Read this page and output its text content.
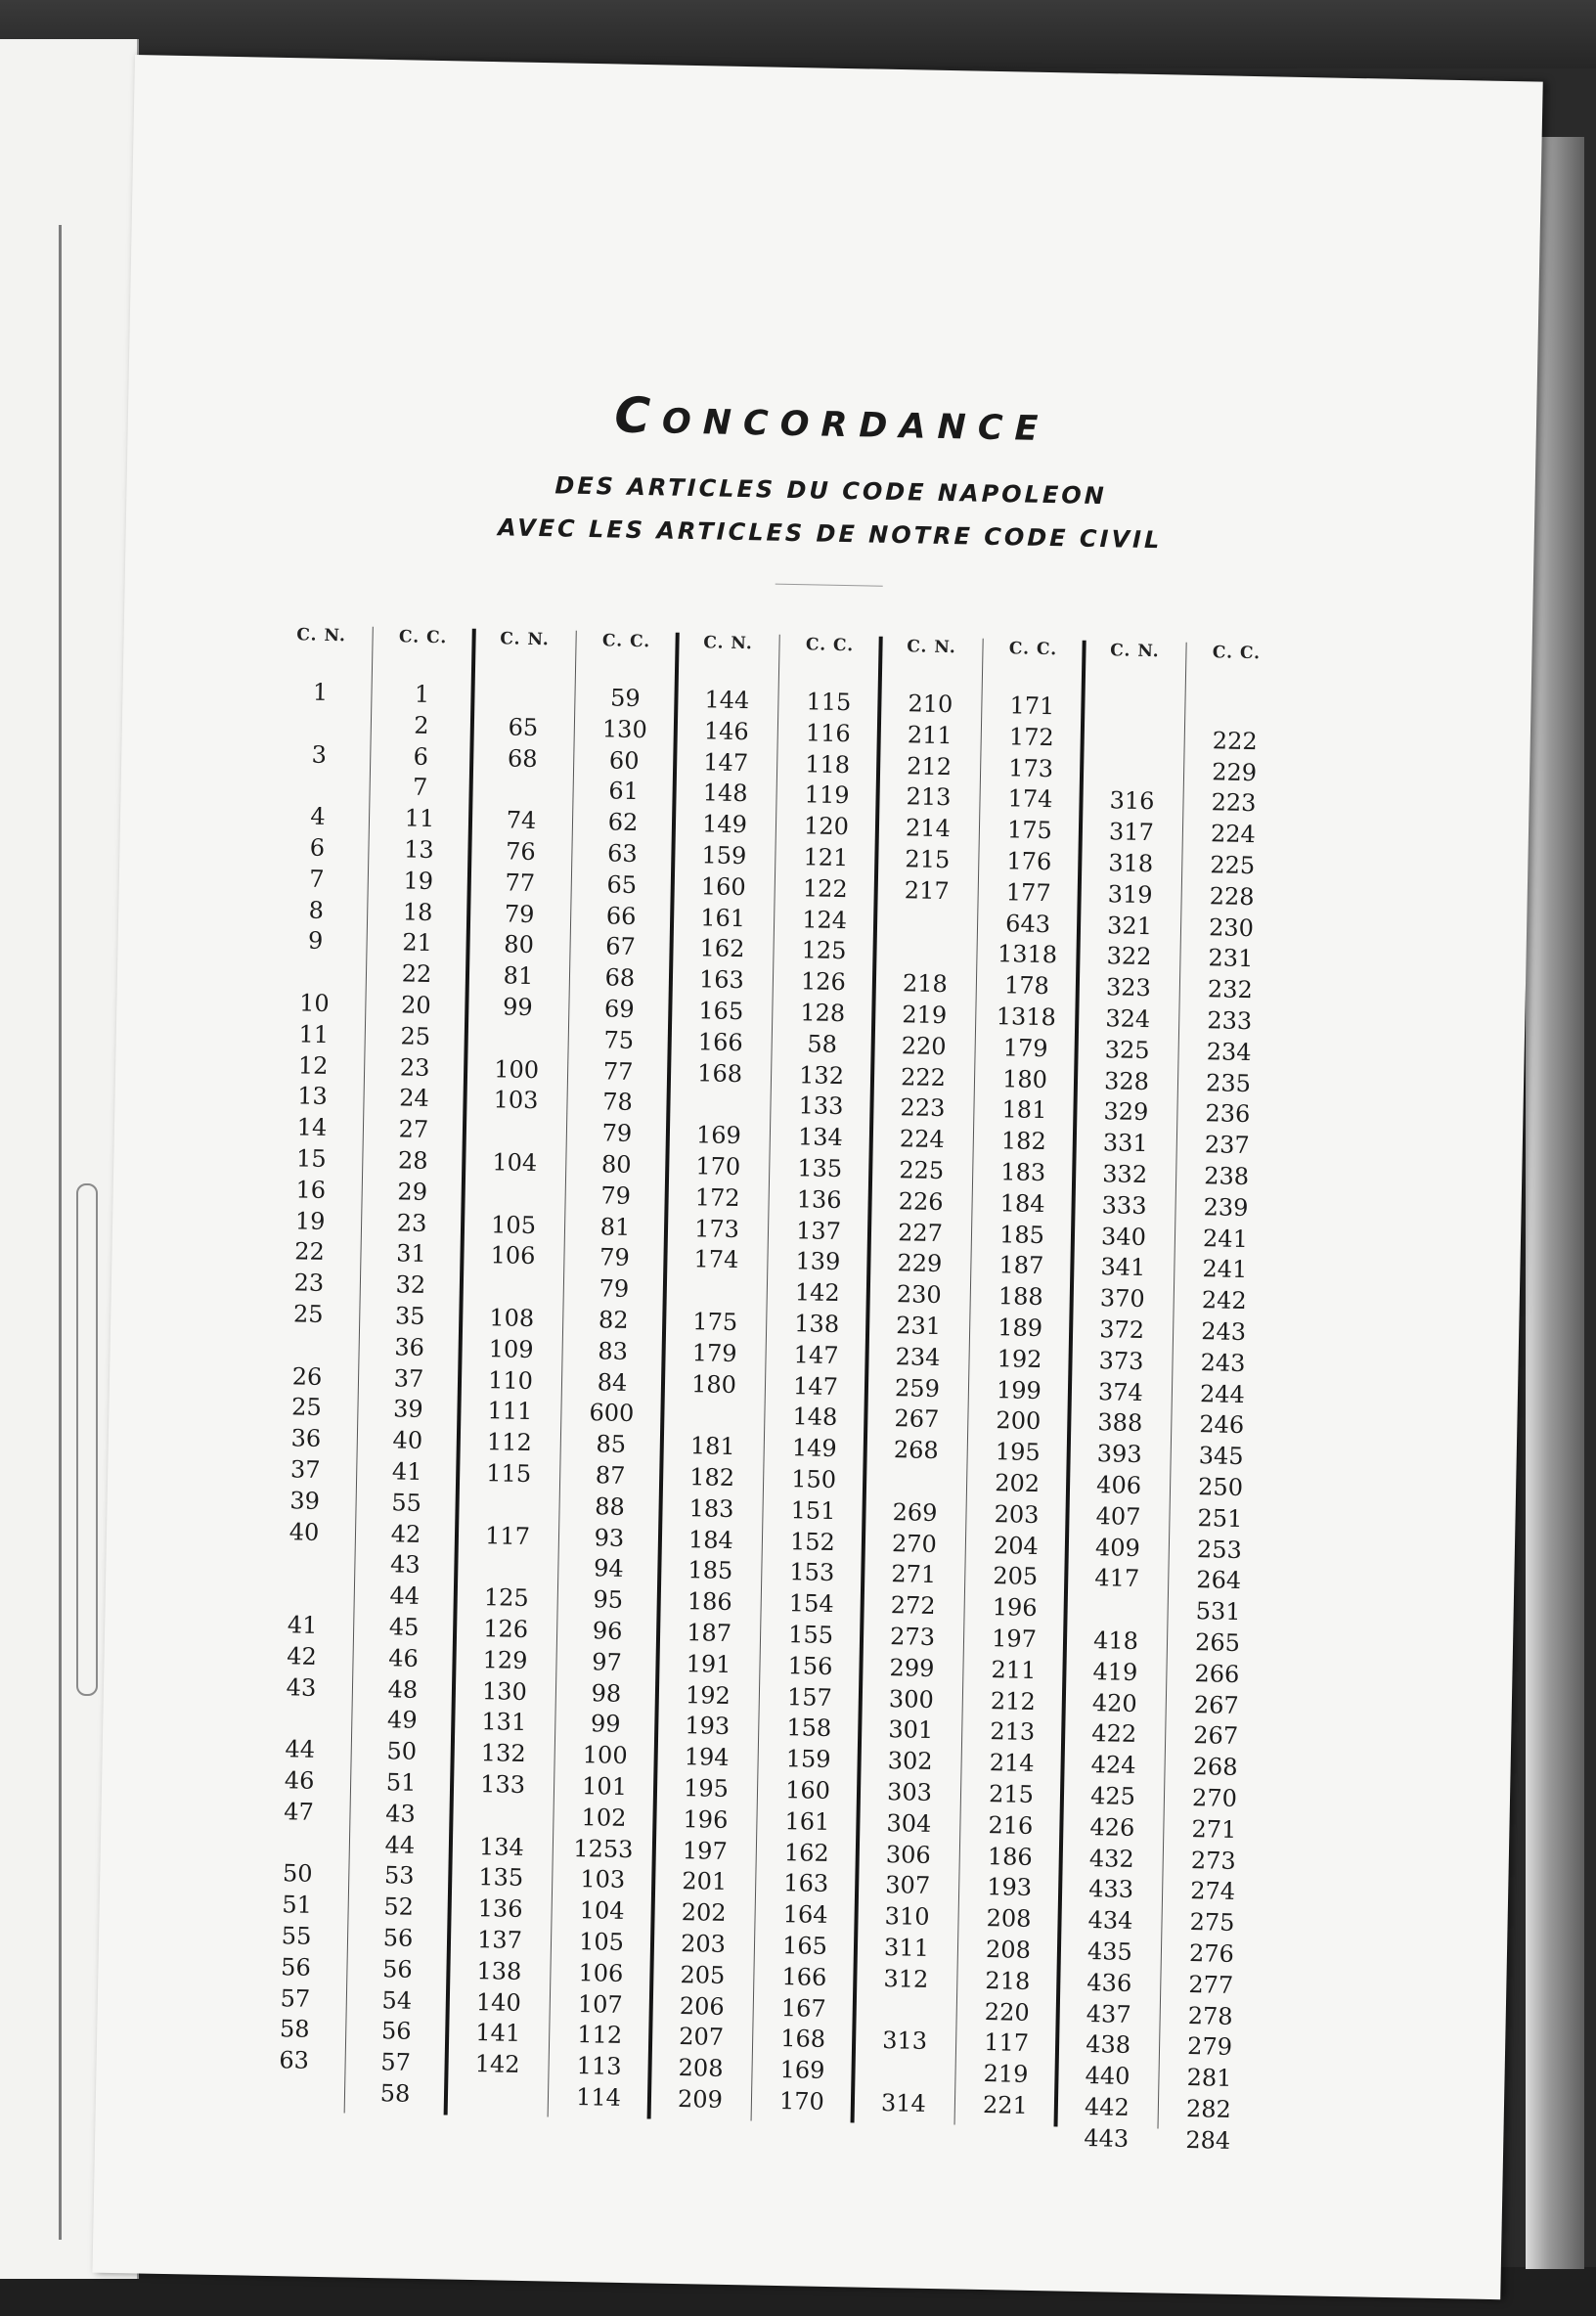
Concordance
DES ARTICLES DU CODE NAPOLEON
AVEC LES ARTICLES DE NOTRE CODE CIVIL
C. N.
1
3
4
6
7
8
9
10
11
12
13
14
15
16
19
22
23
25
26
25
36
37
39
40
41
42
43
44
46
47
50
51
55
56
57
58
63
C. C.
1
2
6
7
11
13
19
18
21
22
20
25
23
24
27
28
29
23
31
32
35
36
37
39
40
41
55
42
43
44
45
46
48
49
50
51
43
44
53
52
56
56
54
56
57
58
C. N.
65
68
74
76
77
79
80
81
99
100
103
104
105
106
108
109
110
111
112
115
117
125
126
129
130
131
132
133
134
135
136
137
138
140
141
142
C. C.
59
130
60
61
62
63
65
66
67
68
69
75
77
78
79
80
79
81
79
79
82
83
84
600
85
87
88
93
94
95
96
97
98
99
100
101
102
1253
103
104
105
106
107
112
113
114
C. N.
144
146
147
148
149
159
160
161
162
163
165
166
168
169
170
172
173
174
175
179
180
181
182
183
184
185
186
187
191
192
193
194
195
196
197
201
202
203
205
206
207
208
209
C. C.
115
116
118
119
120
121
122
124
125
126
128
58
132
133
134
135
136
137
139
142
138
147
147
148
149
150
151
152
153
154
155
156
157
158
159
160
161
162
163
164
165
166
167
168
169
170
C. N.
210
211
212
213
214
215
217
218
219
220
222
223
224
225
226
227
229
230
231
234
259
267
268
269
270
271
272
273
299
300
301
302
303
304
306
307
310
311
312
313
314
C. C.
171
172
173
174
175
176
177
643
1318
178
1318
179
180
181
182
183
184
185
187
188
189
192
199
200
195
202
203
204
205
196
197
211
212
213
214
215
216
186
193
208
208
218
220
117
219
221
C. N.
316
317
318
319
321
322
323
324
325
328
329
331
332
333
340
341
370
372
373
374
388
393
406
407
409
417
418
419
420
422
424
425
426
432
433
434
435
436
437
438
440
442
443
C. C.
222
229
223
224
225
228
230
231
232
233
234
235
236
237
238
239
241
241
242
243
243
244
246
345
250
251
253
264
531
265
266
267
267
268
270
271
273
274
275
276
277
278
279
281
282
284
